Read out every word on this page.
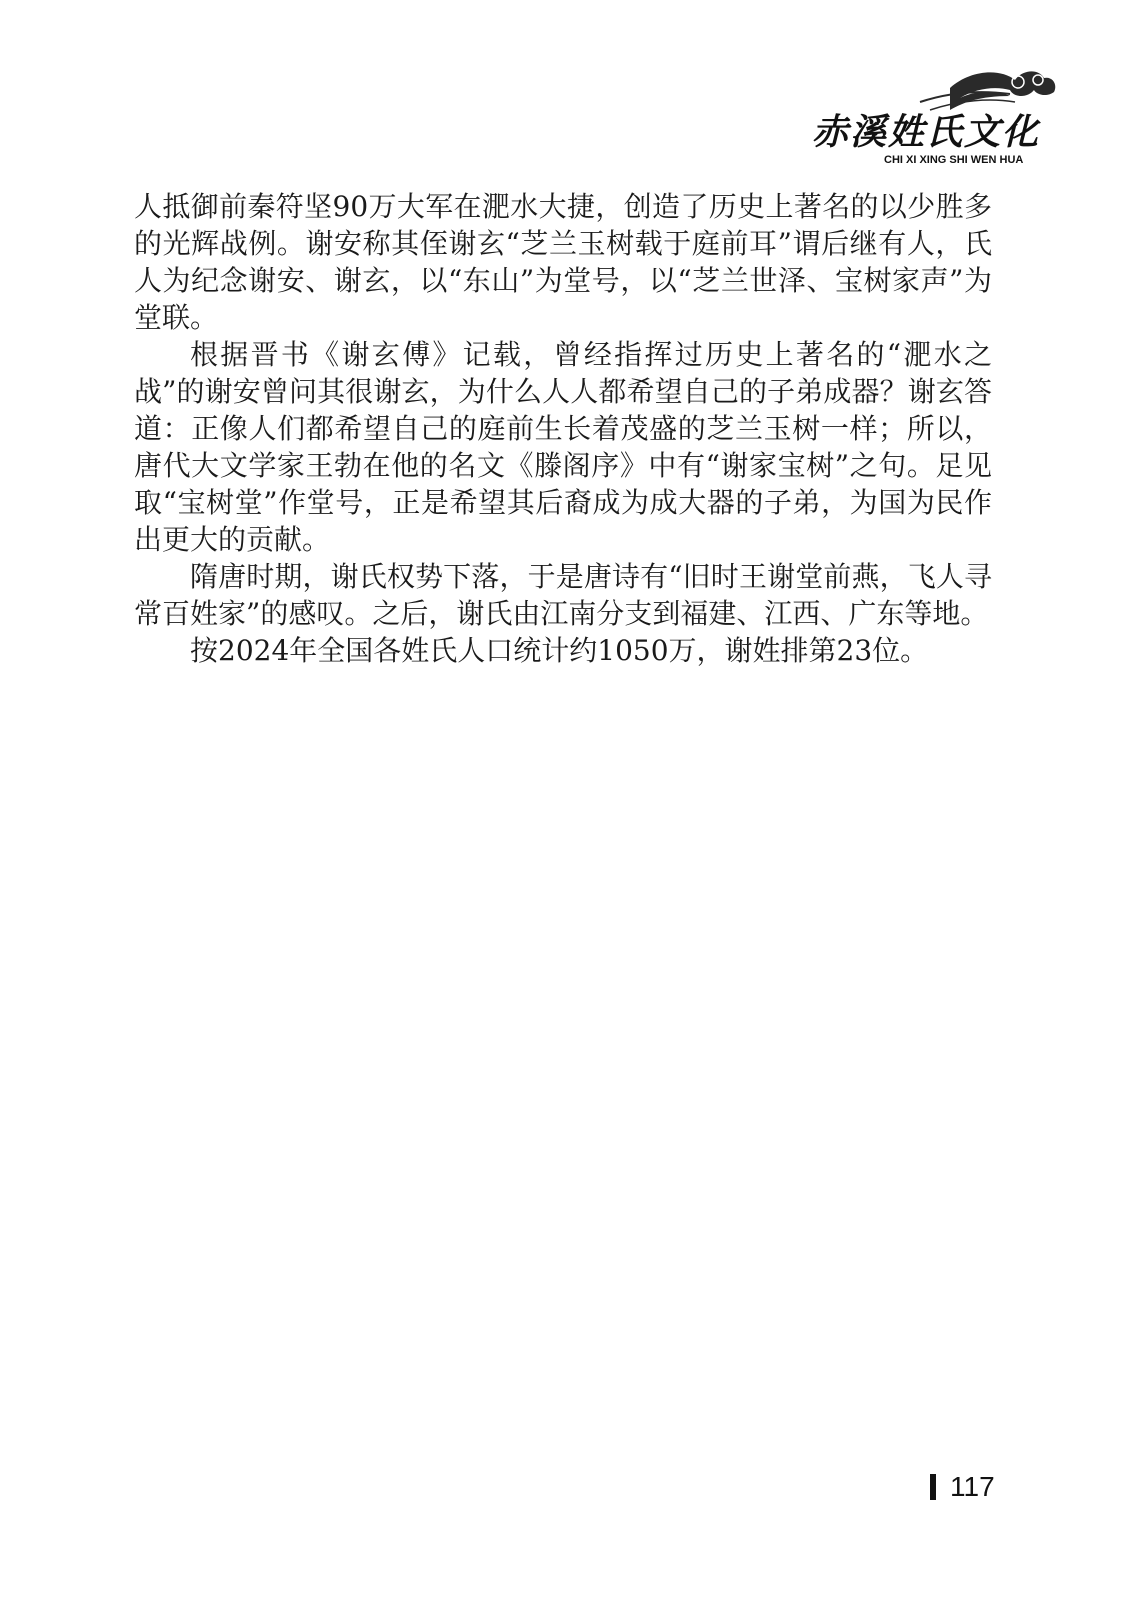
赤溪姓氏文化
CHI XI XING SHI WEN HUA

人抵御前秦符坚90万大军在淝水大捷，创造了历史上著名的以少胜多的光辉战例。谢安称其侄谢玄“芝兰玉树载于庭前耳”谓后继有人，氏人为纪念谢安、谢玄，以“东山”为堂号，以“芝兰世泽、宝树家声”为堂联。

根据晋书《谢玄傅》记载，曾经指挥过历史上著名的“淝水之战”的谢安曾问其很谢玄，为什么人人都希望自己的子弟成器？谢玄答道：正像人们都希望自己的庭前生长着茂盛的芝兰玉树一样；所以，唐代大文学家王勃在他的名文《滕阁序》中有“谢家宝树”之句。足见取“宝树堂”作堂号，正是希望其后裔成为成大器的子弟，为国为民作出更大的贡献。

隋唐时期，谢氏权势下落，于是唐诗有“旧时王谢堂前燕，飞人寻常百姓家”的感叹。之后，谢氏由江南分支到福建、江西、广东等地。

按2024年全国各姓氏人口统计约1050万，谢姓排第23位。

117
